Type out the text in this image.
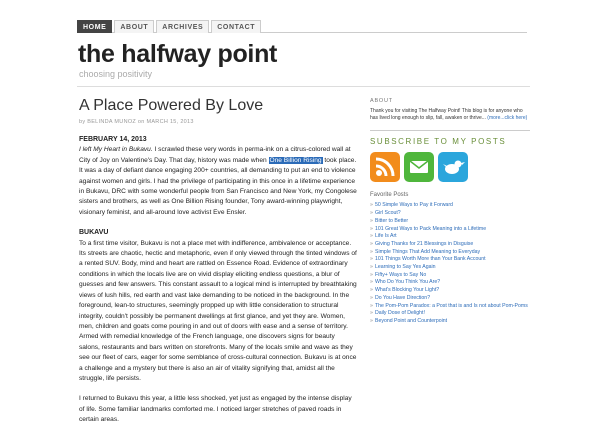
HOME	ABOUT	ARCHIVES	CONTACT
the halfway point
choosing positivity
A Place Powered By Love
by BELINDA MUNOZ on MARCH 15, 2013

FEBRUARY 14, 2013
I left My Heart in Bukavu. I scrawled these very words in perma-ink on a citrus-colored wall at City of Joy on Valentine's Day. That day, history was made when One Billion Rising took place. It was a day of defiant dance engaging 200+ countries, all demanding to put an end to violence against women and girls. I had the privilege of participating in this once in a lifetime experience in Bukavu, DRC with some wonderful people from San Francisco and New York, my Congolese sisters and brothers, as well as One Billion Rising founder, Tony award-winning playwright, visionary feminist, and all-around love activist Eve Ensler.

BUKAVU
To a first time visitor, Bukavu is not a place met with indifference, ambivalence or acceptance. Its streets are chaotic, hectic and metaphoric, even if only viewed through the tinted windows of a rented SUV. Body, mind and heart are rattled on Essence Road. Evidence of extraordinary conditions in which the locals live are on vivid display eliciting endless questions, a blur of guesses and few answers. This constant assault to a logical mind is interrupted by breathtaking views of lush hills, red earth and vast lake demanding to be noticed in the background. In the foreground, lean-to structures, seemingly propped up with little consideration to structural integrity, couldn't possibly be permanent dwellings at first glance, and yet they are. Women, men, children and goats come pouring in and out of doors with ease and a sense of territory. Armed with remedial knowledge of the French language, one discovers signs for beauty salons, restaurants and bars written on storefronts. Many of the locals smile and wave as they see our fleet of cars, eager for some semblance of cross-cultural connection. Bukavu is at once a challenge and a mystery but there is also an air of vitality signifying that, amidst all the struggle, life persists.

I returned to Bukavu this year, a little less shocked, yet just as engaged by the intense display of life. Some familiar landmarks comforted me. I noticed larger stretches of paved roads in certain areas.

ABOUT
Thank you for visiting The Halfway Point! This blog is for anyone who has lived long enough to slip, fall, awaken or thrive... (more...click here)
SUBSCRIBE TO MY POSTS
Favorite Posts
» 50 Simple Ways to Pay it Forward
» Girl Scout?
» Bitter to Better
» 101 Great Ways to Pack Meaning into a Lifetime
» Life Is Art
» Giving Thanks for 21 Blessings in Disguise
» Simple Things That Add Meaning to Everyday
» 101 Things Worth More than Your Bank Account
» Learning to Say Yes Again
» Fifty+ Ways to Say No
» Who Do You Think You Are?
» What's Blocking Your Light?
» Do You Have Direction?
» The Pom-Pom Paradox: a Post that is and Is not about Pom-Poms
» Daily Dose of Delight!
» Beyond Point and Counterpoint
